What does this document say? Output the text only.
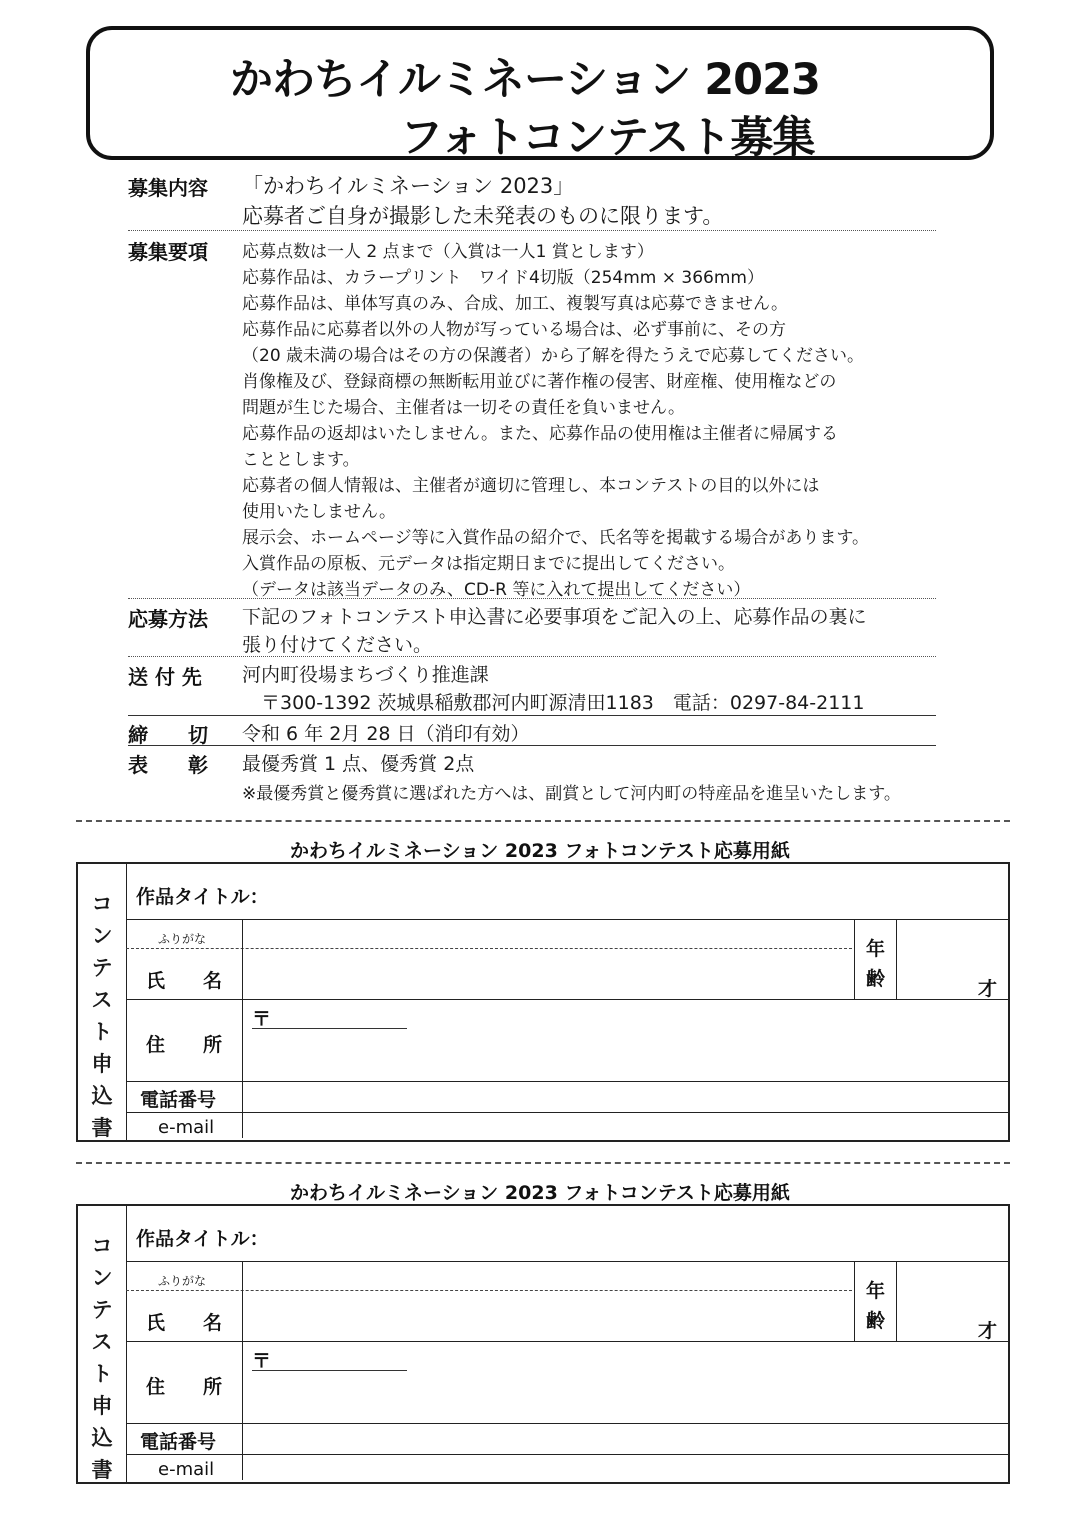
かわちイルミネーション 2023
フォトコンテスト募集
募集内容 「かわちイルミネーション 2023」
応募者ご自身が撮影した未発表のものに限ります。
募集要項 応募点数は一人 2 点まで（入賞は一人1 賞とします）
応募作品は、カラープリント　ワイド4切版（254mm × 366mm）
応募作品は、単体写真のみ、合成、加工、複製写真は応募できません。
応募作品に応募者以外の人物が写っている場合は、必ず事前に、その方
（20 歳未満の場合はその方の保護者）から了解を得たうえで応募してください。
肖像権及び、登録商標の無断転用並びに著作権の侵害、財産権、使用権などの
問題が生じた場合、主催者は一切その責任を負いません。
応募作品の返却はいたしません。また、応募作品の使用権は主催者に帰属する
こととします。
応募者の個人情報は、主催者が適切に管理し、本コンテストの目的以外には
使用いたしません。
展示会、ホームページ等に入賞作品の紹介で、氏名等を掲載する場合があります。
入賞作品の原板、元データは指定期日までに提出してください。
（データは該当データのみ、CD-R 等に入れて提出してください）
応募方法 下記のフォトコンテスト申込書に必要事項をご記入の上、応募作品の裏に
張り付けてください。
送 付 先 河内町役場まちづくり推進課
　〒300-1392 茨城県稲敷郡河内町源清田1183　電話：0297-84-2111
締　　切 令和 6 年 2月 28 日（消印有効）
表　　彰 最優秀賞 1 点、優秀賞 2点
※最優秀賞と優秀賞に選ばれた方へは、副賞として河内町の特産品を進呈いたします。
かわちイルミネーション 2023 フォトコンテスト応募用紙
コ
ン
テ
ス
ト
申
込
書
作品タイトル：
ふりがな
氏　　名
年
齢	才
〒
住　　所
電話番号
e-mail
かわちイルミネーション 2023 フォトコンテスト応募用紙
コ
ン
テ
ス
ト
申
込
書
作品タイトル：
ふりがな
氏　　名
年
齢	才
〒
住　　所
電話番号
e-mail
